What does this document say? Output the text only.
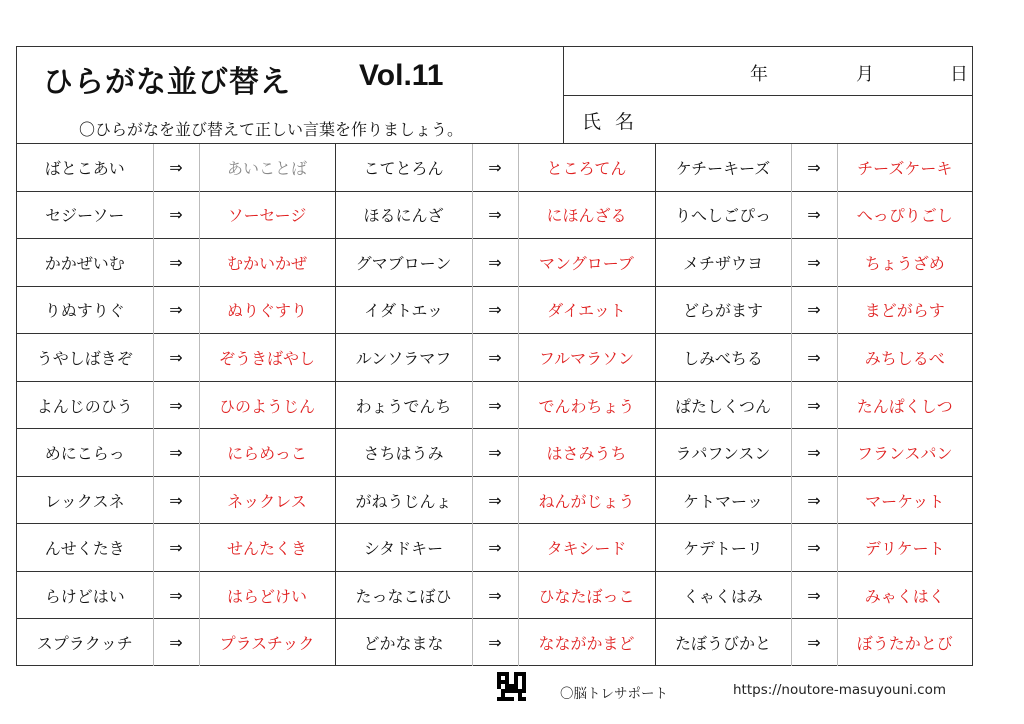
ひらがな並び替え Vol.11
〇ひらがなを並び替えて正しい言葉を作りましょう。
年	月	日
氏 名
ばとこあい	⇒	あいことば	こてとろん	⇒	ところてん	ケチーキーズ	⇒	チーズケーキ
セジーソー	⇒	ソーセージ	ほるにんざ	⇒	にほんざる	りへしごぴっ	⇒	へっぴりごし
かかぜいむ	⇒	むかいかぜ	グマブローン	⇒	マングローブ	メチザウヨ	⇒	ちょうざめ
りぬすりぐ	⇒	ぬりぐすり	イダトエッ	⇒	ダイエット	どらがます	⇒	まどがらす
うやしばきぞ	⇒	ぞうきばやし	ルンソラマフ	⇒	フルマラソン	しみべちる	⇒	みちしるべ
よんじのひう	⇒	ひのようじん	わょうでんち	⇒	でんわちょう	ぱたしくつん	⇒	たんぱくしつ
めにこらっ	⇒	にらめっこ	さちはうみ	⇒	はさみうち	ラパフンスン	⇒	フランスパン
レックスネ	⇒	ネックレス	がねうじんょ	⇒	ねんがじょう	ケトマーッ	⇒	マーケット
んせくたき	⇒	せんたくき	シタドキー	⇒	タキシード	ケデトーリ	⇒	デリケート
らけどはい	⇒	はらどけい	たっなこぼひ	⇒	ひなたぼっこ	くゃくはみ	⇒	みゃくはく
スプラクッチ	⇒	プラスチック	どかなまな	⇒	なながかまど	たぼうびかと	⇒	ぼうたかとび
〇脳トレサポート	https://noutore-masuyouni.com
